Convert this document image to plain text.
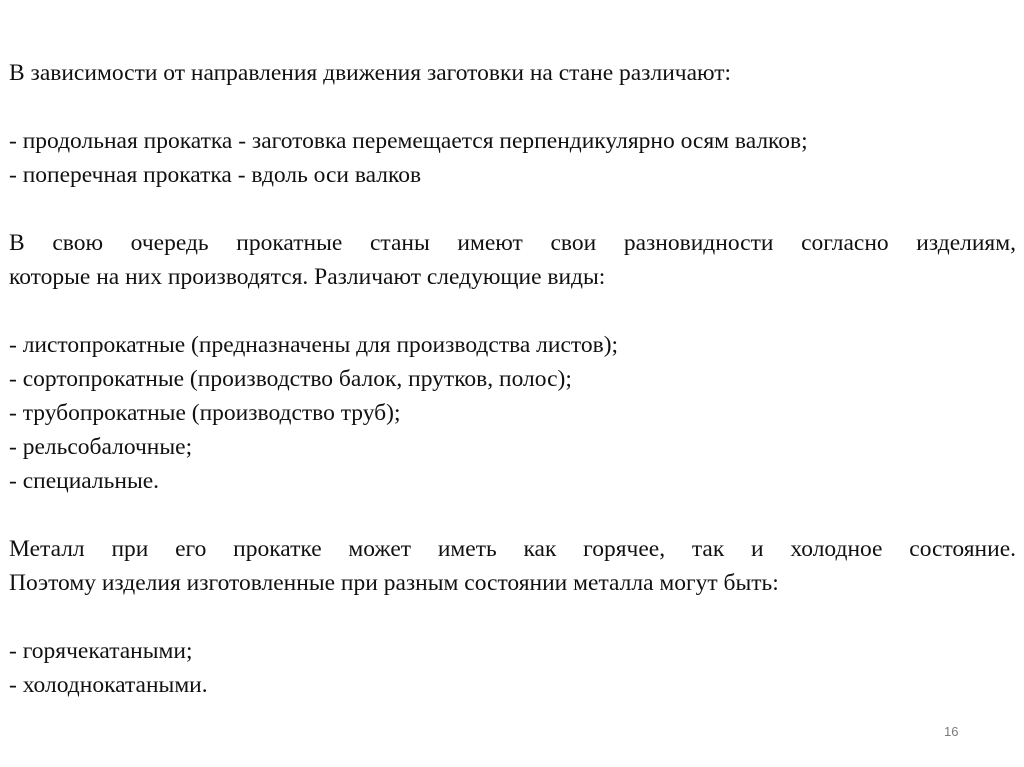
В зависимости от направления движения заготовки на стане различают:
- продольная прокатка - заготовка перемещается перпендикулярно осям валков;
- поперечная прокатка - вдоль оси валков
В свою очередь прокатные станы имеют свои разновидности согласно изделиям,
которые на них производятся. Различают следующие виды:
- листопрокатные (предназначены для производства листов);
- сортопрокатные (производство балок, прутков, полос);
- трубопрокатные (производство труб);
- рельсобалочные;
- специальные.
Металл при его прокатке может иметь как горячее, так и холодное состояние.
Поэтому изделия изготовленные при разным состоянии металла могут быть:
- горячекатаными;
- холоднокатаными.
16
